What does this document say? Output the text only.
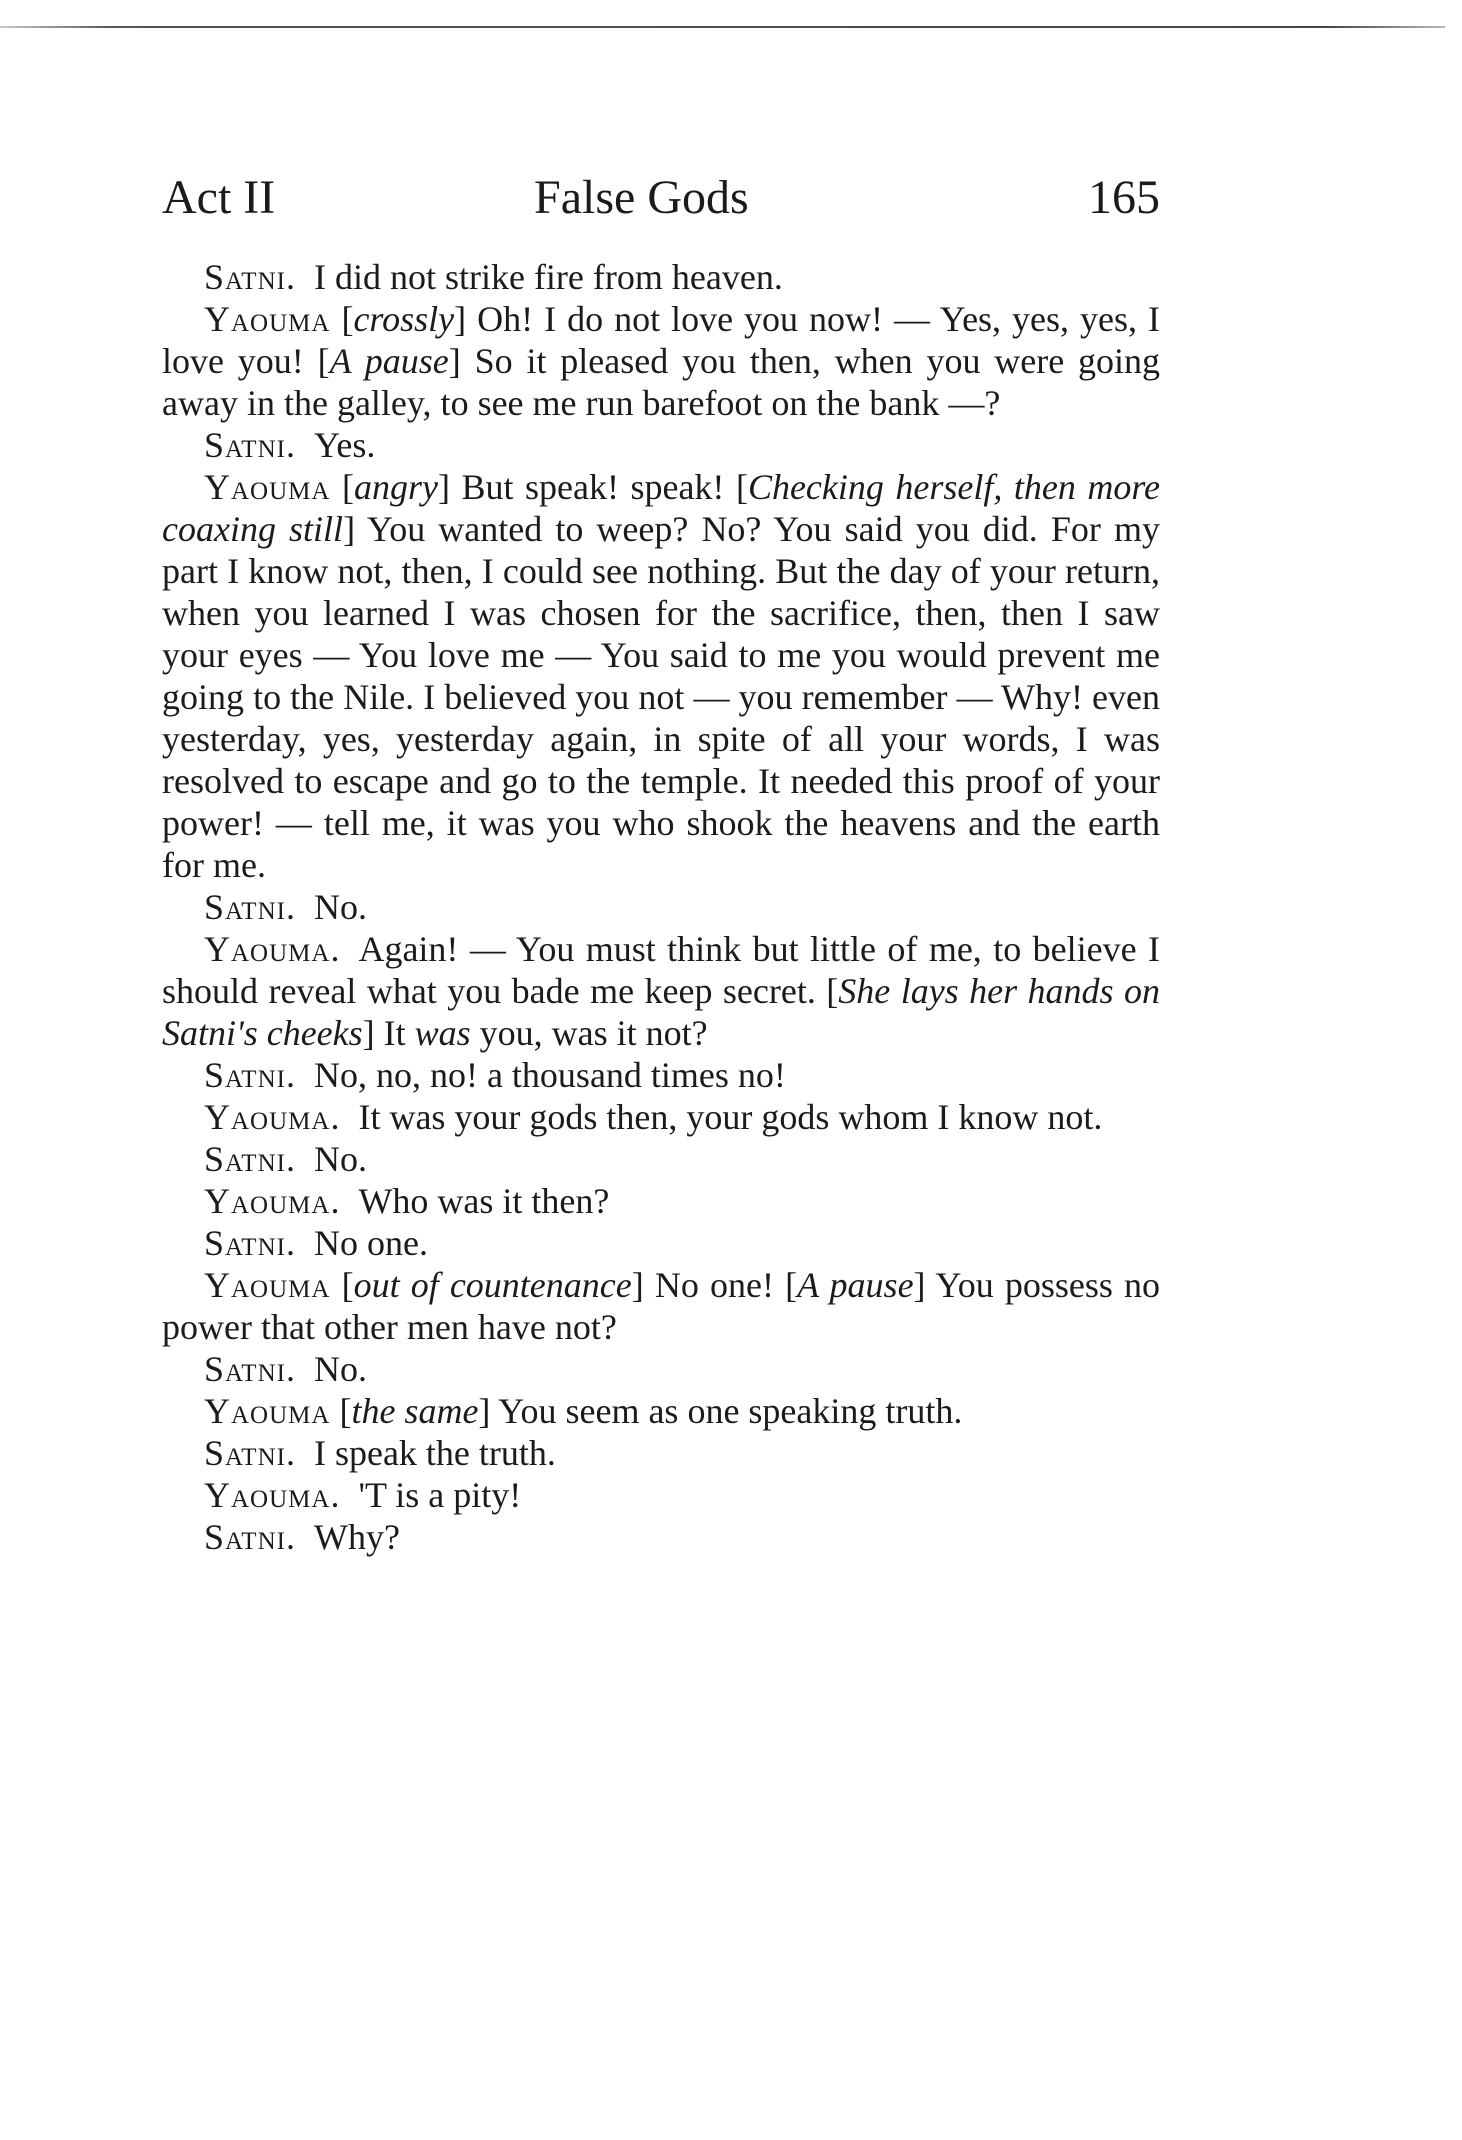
Act II	False Gods	165

Satni.  I did not strike fire from heaven.

Yaouma [crossly] Oh! I do not love you now! — Yes, yes, yes, I love you! [A pause] So it pleased you then, when you were going away in the galley, to see me run barefoot on the bank —?

Satni.  Yes.

Yaouma [angry] But speak! speak! [Checking herself, then more coaxing still] You wanted to weep? No? You said you did. For my part I know not, then, I could see nothing. But the day of your return, when you learned I was chosen for the sacrifice, then, then I saw your eyes — You love me — You said to me you would prevent me going to the Nile. I believed you not — you remember — Why! even yesterday, yes, yesterday again, in spite of all your words, I was resolved to escape and go to the temple. It needed this proof of your power! — tell me, it was you who shook the heavens and the earth for me.

Satni.  No.

Yaouma.  Again! — You must think but little of me, to believe I should reveal what you bade me keep secret. [She lays her hands on Satni's cheeks] It was you, was it not?

Satni.  No, no, no! a thousand times no!

Yaouma.  It was your gods then, your gods whom I know not.

Satni.  No.

Yaouma.  Who was it then?

Satni.  No one.

Yaouma [out of countenance] No one! [A pause] You possess no power that other men have not?

Satni.  No.

Yaouma [the same] You seem as one speaking truth.

Satni.  I speak the truth.

Yaouma.  'T is a pity!

Satni.  Why?
